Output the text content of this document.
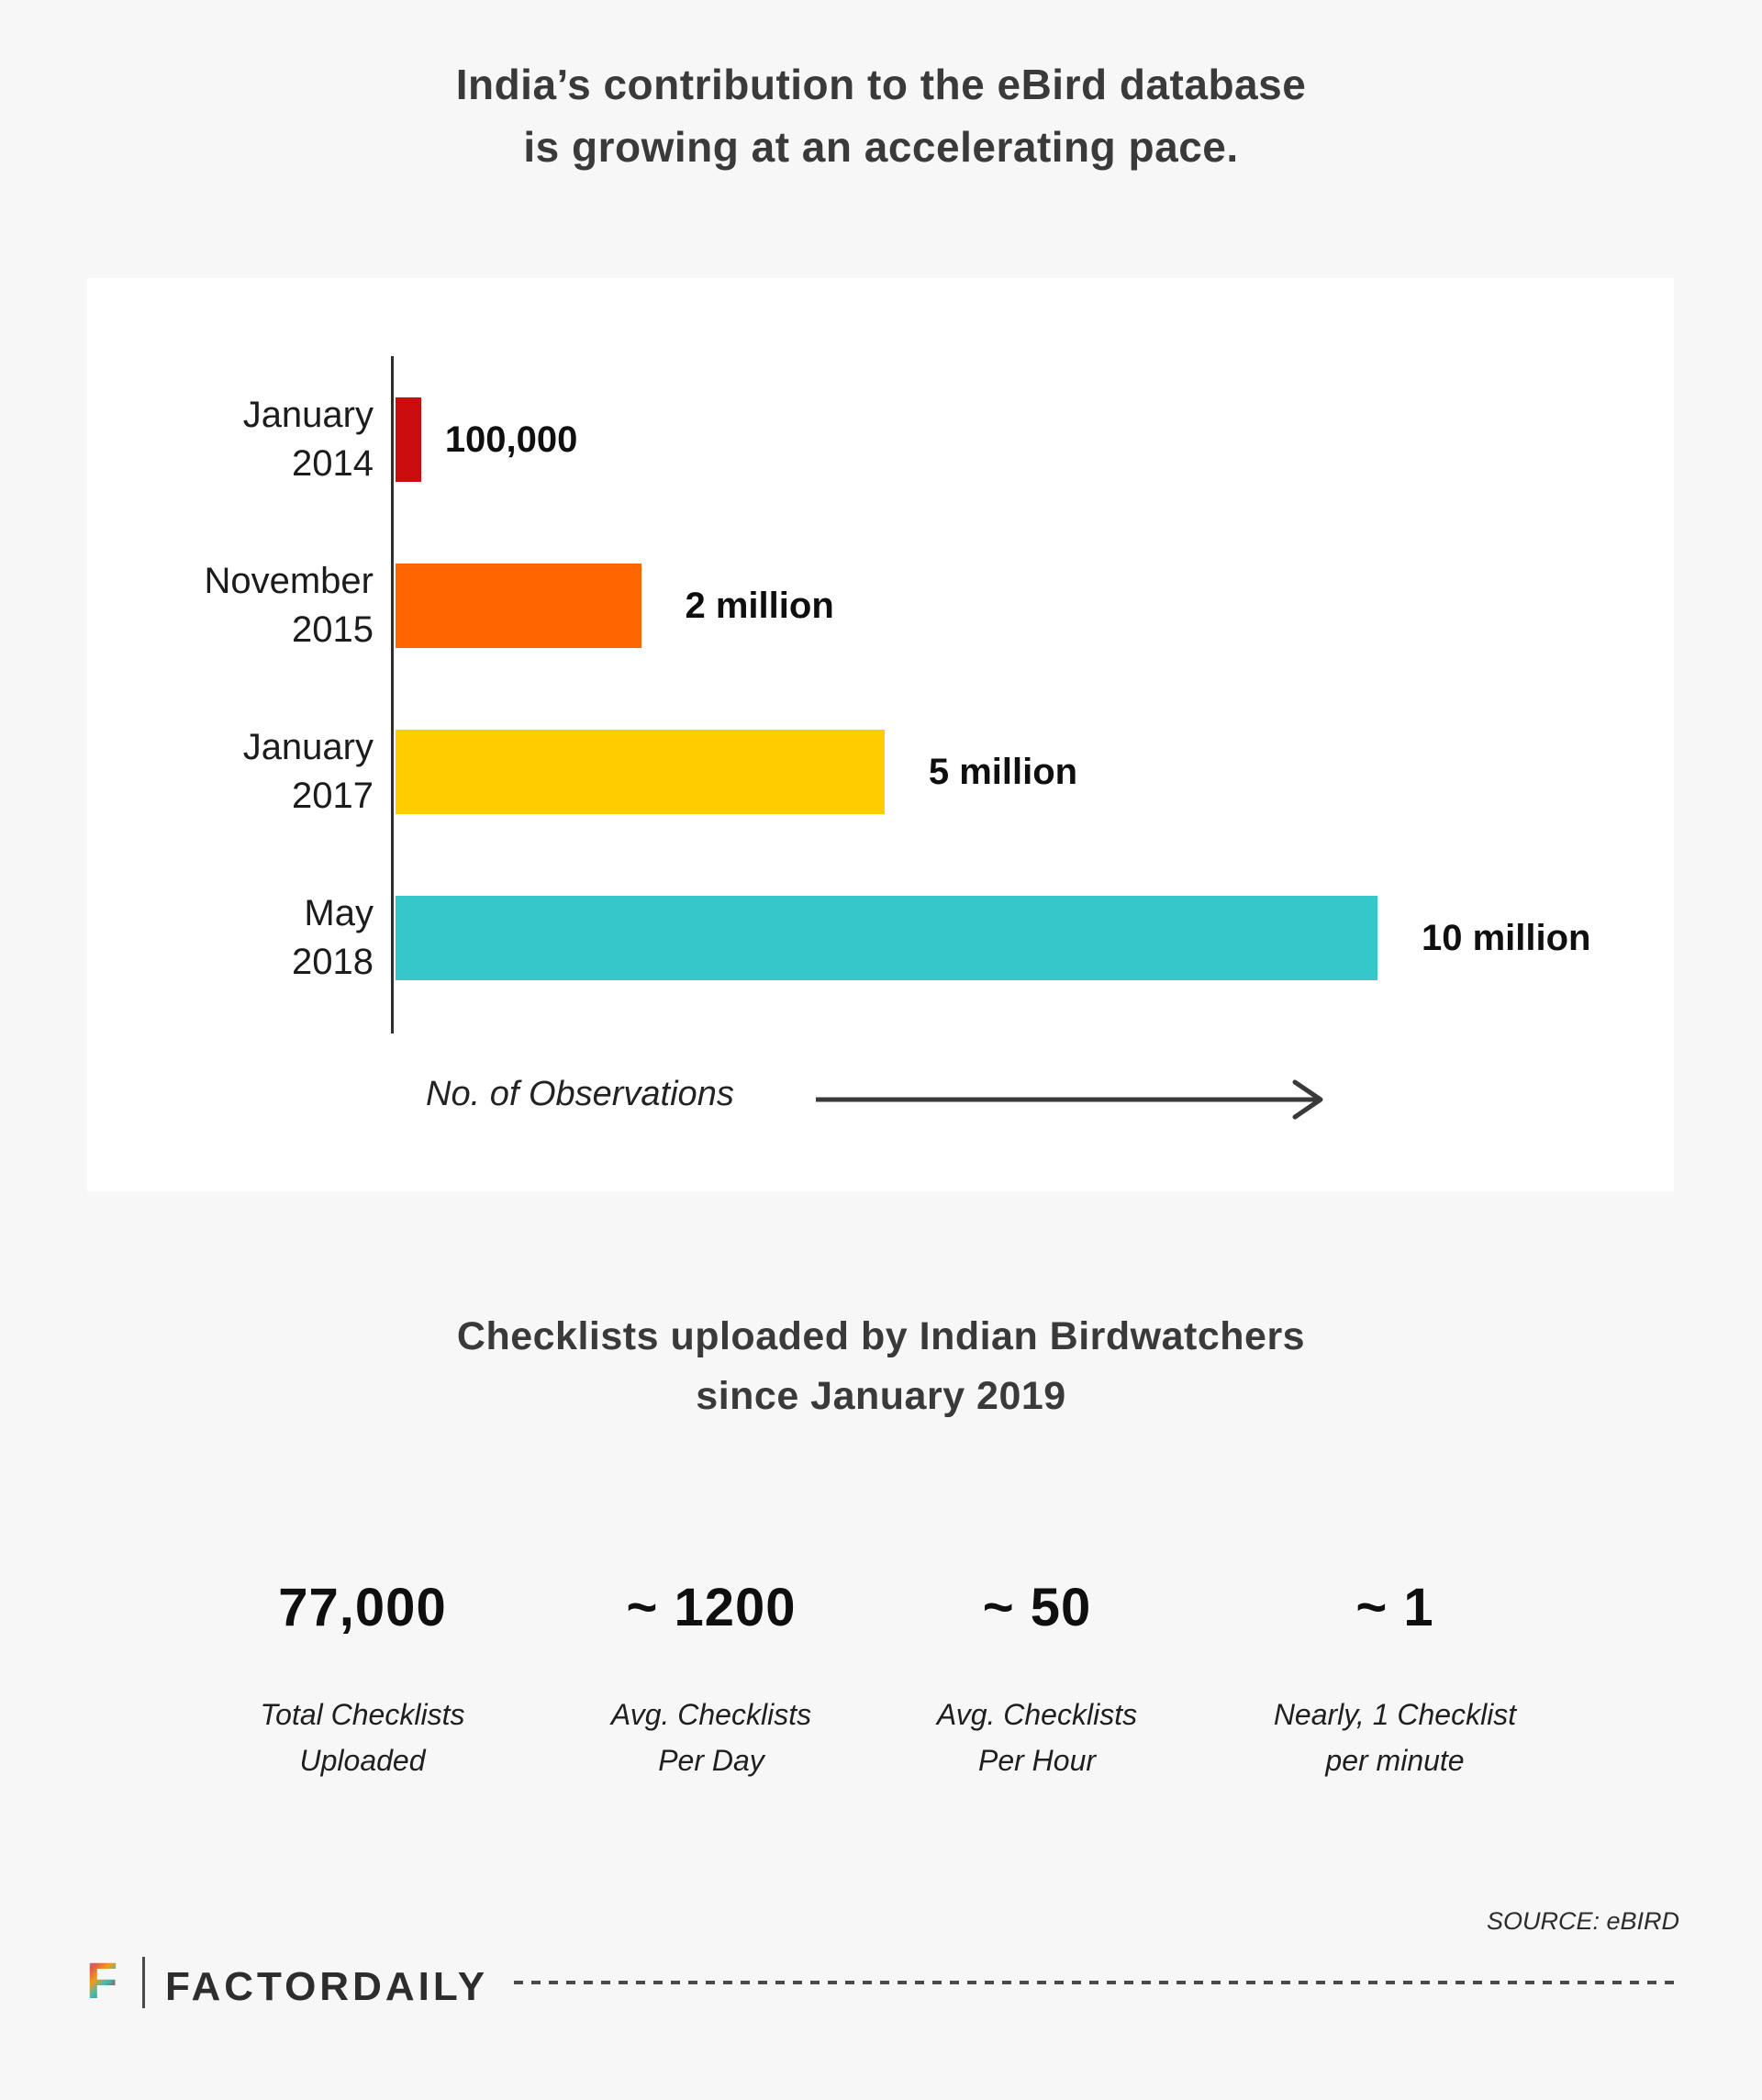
India’s contribution to the eBird database
is growing at an accelerating pace.
January
2014
100,000
November
2015
2 million
January
2017
5 million
May
2018
10 million
No. of Observations
Checklists uploaded by Indian Birdwatchers
since January 2019
77,000
Total Checklists
Uploaded
~ 1200
Avg. Checklists
Per Day
~ 50
Avg. Checklists
Per Hour
~ 1
Nearly, 1 Checklist
per minute
SOURCE: eBIRD
F FACTORDAILY
